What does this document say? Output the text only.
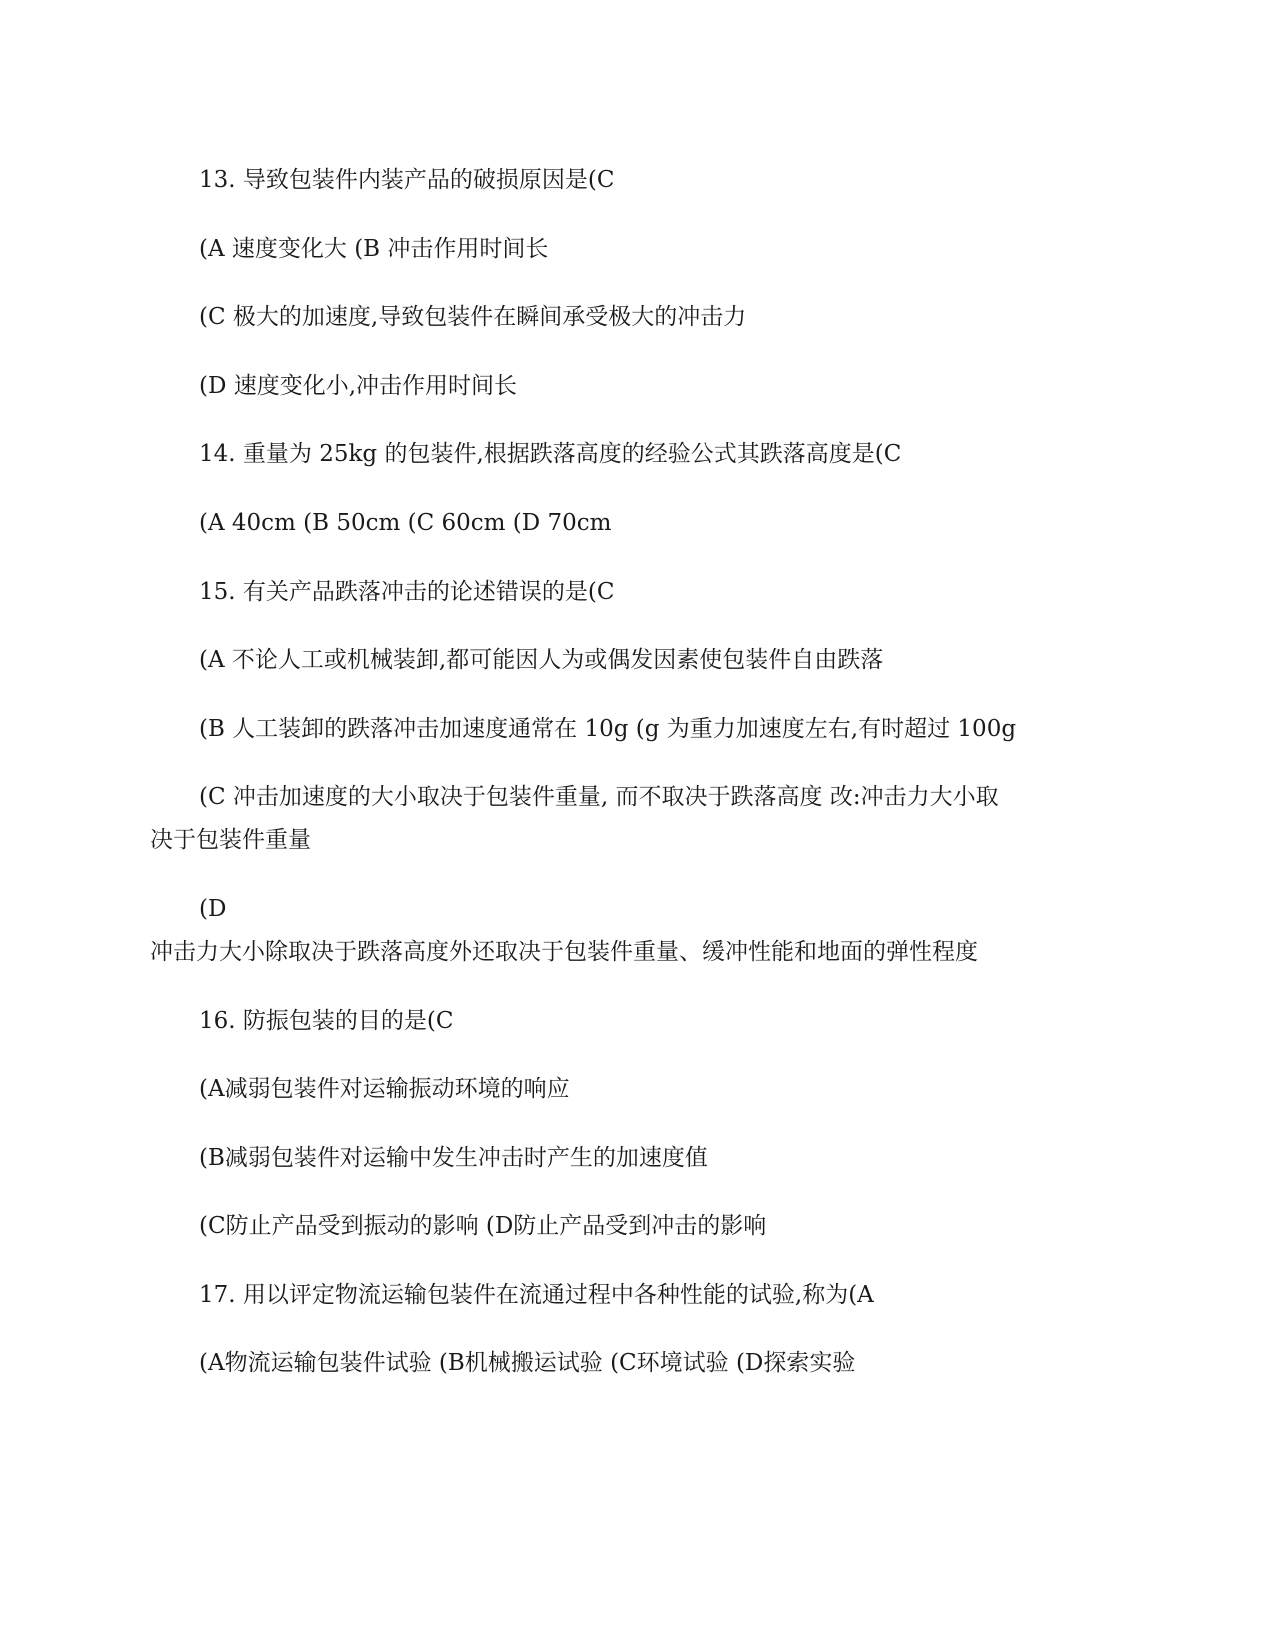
13. 导致包装件内装产品的破损原因是(C
(A 速度变化大 (B 冲击作用时间长
(C 极大的加速度,导致包装件在瞬间承受极大的冲击力
(D 速度变化小,冲击作用时间长
14. 重量为 25kg 的包装件,根据跌落高度的经验公式其跌落高度是(C
(A 40cm (B 50cm (C 60cm (D 70cm
15. 有关产品跌落冲击的论述错误的是(C
(A 不论人工或机械装卸,都可能因人为或偶发因素使包装件自由跌落
(B 人工装卸的跌落冲击加速度通常在 10g (g 为重力加速度左右,有时超过 100g
(C 冲击加速度的大小取决于包装件重量, 而不取决于跌落高度 改:冲击力大小取
决于包装件重量
(D
冲击力大小除取决于跌落高度外还取决于包装件重量、缓冲性能和地面的弹性程度
16. 防振包装的目的是(C
(A减弱包装件对运输振动环境的响应
(B减弱包装件对运输中发生冲击时产生的加速度值
(C防止产品受到振动的影响 (D防止产品受到冲击的影响
17. 用以评定物流运输包装件在流通过程中各种性能的试验,称为(A
(A物流运输包装件试验 (B机械搬运试验 (C环境试验 (D探索实验
